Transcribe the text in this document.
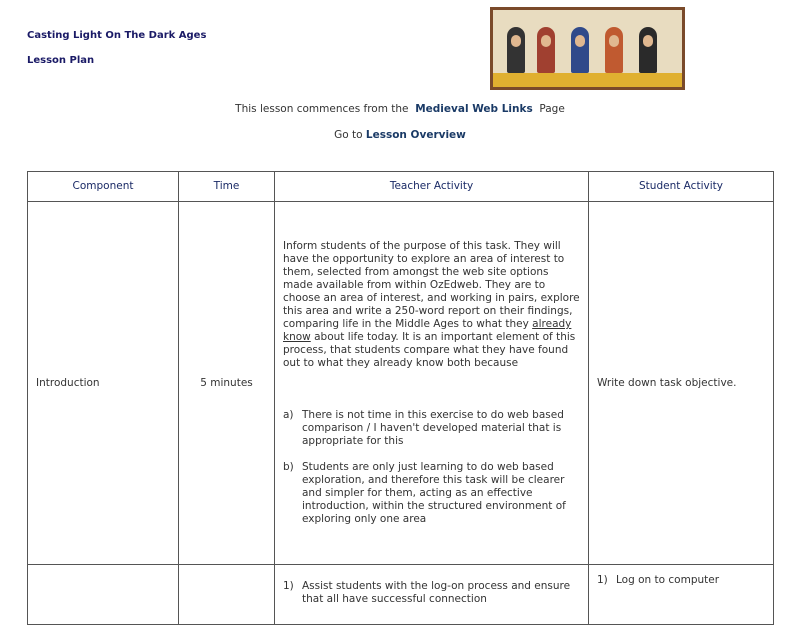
Casting Light On The Dark Ages
Lesson Plan
This lesson commences from the Medieval Web Links Page
Go to Lesson Overview
Component	Time	Teacher Activity	Student Activity
Introduction	5 minutes	Inform students of the purpose of this task. They will have the opportunity to explore an area of interest to them, selected from amongst the web site options made available from within OzEdweb. They are to choose an area of interest, and working in pairs, explore this area and write a 250-word report on their findings, comparing life in the Middle Ages to what they already know about life today. It is an important element of this process, that students compare what they have found out to what they already know both because

a) There is not time in this exercise to do web based comparison / I haven't developed material that is appropriate for this
b) Students are only just learning to do web based exploration, and therefore this task will be clearer and simpler for them, acting as an effective introduction, within the structured environment of exploring only one area	Write down task objective.

		1) Assist students with the log-on process and ensure that all have successful connection	1) Log on to computer
